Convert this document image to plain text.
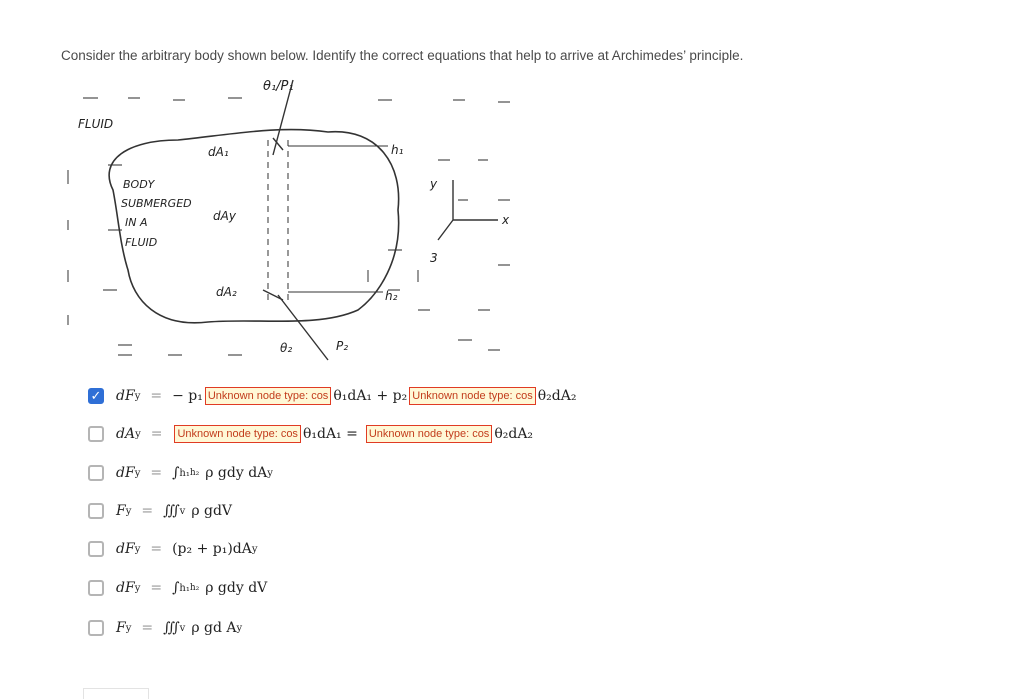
Consider the arbitrary body shown below. Identify the correct equations that help to arrive at Archimedes’ principle.
FLUID
BODY
SUBMERGED
IN A
FLUID
θ₁/P₁
dA₁
dAy
dA₂
h₁
h₂
y
x
3
θ₂	P₂
✓ dF y = − p₁ Unknown node type: cos θ₁dA₁ + p₂ Unknown node type: cos θ₂dA₂
dA y = Unknown node type: cos θ₁dA₁ = Unknown node type: cos θ₂dA₂
dF y = ∫ h₁ h₂ ρ gdy dA y
F y = ∭ v ρ gdV
dF y = (p₂ + p₁)dA y
dF y = ∫ h₁ h₂ ρ gdy dV
F y = ∭ v ρ gd A y
